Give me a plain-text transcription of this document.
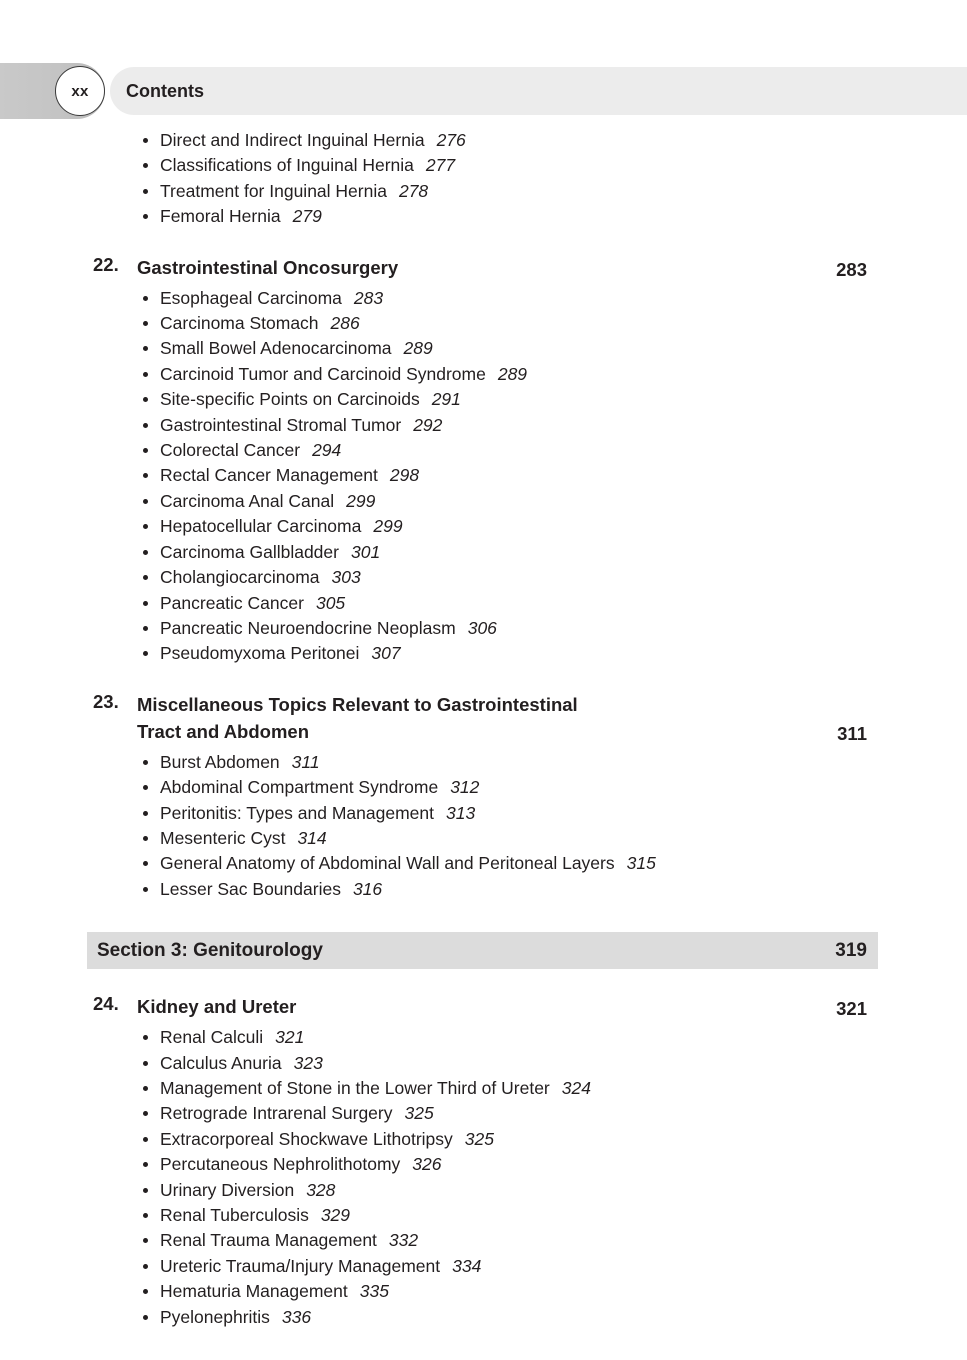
xx Contents
Direct and Indirect Inguinal Hernia 276
Classifications of Inguinal Hernia 277
Treatment for Inguinal Hernia 278
Femoral Hernia 279
22. Gastrointestinal Oncosurgery	283
Esophageal Carcinoma 283
Carcinoma Stomach 286
Small Bowel Adenocarcinoma 289
Carcinoid Tumor and Carcinoid Syndrome 289
Site-specific Points on Carcinoids 291
Gastrointestinal Stromal Tumor 292
Colorectal Cancer 294
Rectal Cancer Management 298
Carcinoma Anal Canal 299
Hepatocellular Carcinoma 299
Carcinoma Gallbladder 301
Cholangiocarcinoma 303
Pancreatic Cancer 305
Pancreatic Neuroendocrine Neoplasm 306
Pseudomyxoma Peritonei 307
23. Miscellaneous Topics Relevant to Gastrointestinal
Tract and Abdomen	311
Burst Abdomen 311
Abdominal Compartment Syndrome 312
Peritonitis: Types and Management 313
Mesenteric Cyst 314
General Anatomy of Abdominal Wall and Peritoneal Layers 315
Lesser Sac Boundaries 316
Section 3: Genitourology	319
24. Kidney and Ureter	321
Renal Calculi 321
Calculus Anuria 323
Management of Stone in the Lower Third of Ureter 324
Retrograde Intrarenal Surgery 325
Extracorporeal Shockwave Lithotripsy 325
Percutaneous Nephrolithotomy 326
Urinary Diversion 328
Renal Tuberculosis 329
Renal Trauma Management 332
Ureteric Trauma/Injury Management 334
Hematuria Management 335
Pyelonephritis 336
